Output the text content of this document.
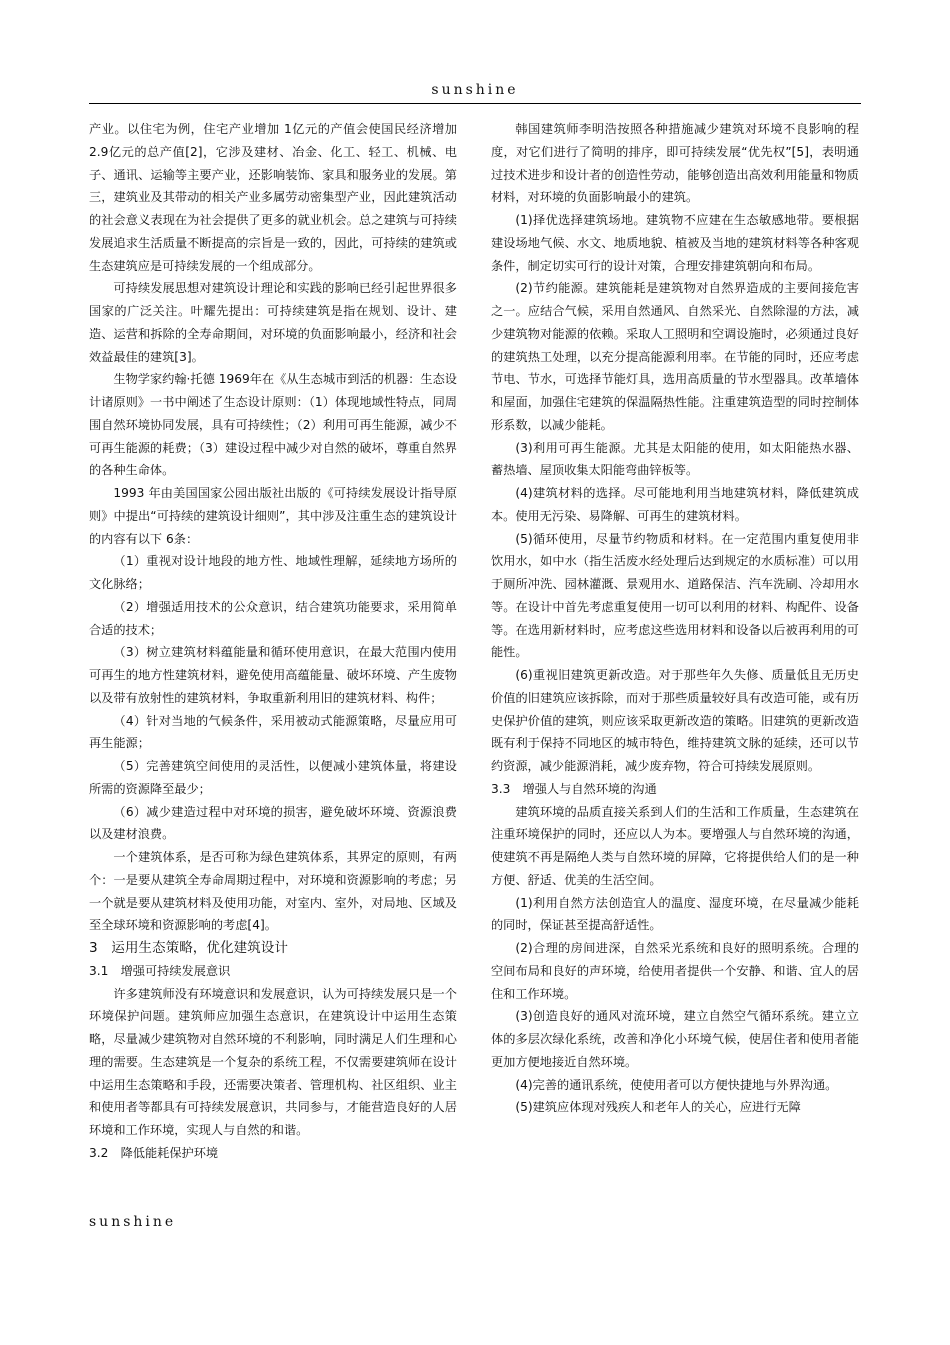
sunshine

产业。以住宅为例，住宅产业增加 1亿元的产值会使国民经济增加 2.9亿元的总产值[2]，它涉及建材、冶金、化工、轻工、机械、电子、通讯、运输等主要产业，还影响装饰、家具和服务业的发展。第三，建筑业及其带动的相关产业多属劳动密集型产业，因此建筑活动的社会意义表现在为社会提供了更多的就业机会。总之建筑与可持续发展追求生活质量不断提高的宗旨是一致的，因此，可持续的建筑或生态建筑应是可持续发展的一个组成部分。

可持续发展思想对建筑设计理论和实践的影响已经引起世界很多国家的广泛关注。叶耀先提出：可持续建筑是指在规划、设计、建造、运营和拆除的全寿命期间，对环境的负面影响最小，经济和社会效益最佳的建筑[3]。

生物学家约翰·托德 1969年在《从生态城市到活的机器：生态设计诸原则》一书中阐述了生态设计原则：（1）体现地域性特点，同周围自然环境协同发展，具有可持续性；（2）利用可再生能源，减少不可再生能源的耗费；（3）建设过程中减少对自然的破坏，尊重自然界的各种生命体。

1993 年由美国国家公园出版社出版的《可持续发展设计指导原则》中提出“可持续的建筑设计细则”，其中涉及注重生态的建筑设计的内容有以下 6条：

（1）重视对设计地段的地方性、地域性理解，延续地方场所的文化脉络；

（2）增强适用技术的公众意识，结合建筑功能要求，采用简单合适的技术；

（3）树立建筑材料蕴能量和循环使用意识，在最大范围内使用可再生的地方性建筑材料，避免使用高蕴能量、破坏环境、产生废物以及带有放射性的建筑材料，争取重新利用旧的建筑材料、构件；

（4）针对当地的气候条件，采用被动式能源策略，尽量应用可再生能源；

（5）完善建筑空间使用的灵活性，以便减小建筑体量，将建设所需的资源降至最少；

（6）减少建造过程中对环境的损害，避免破坏环境、资源浪费以及建材浪费。

一个建筑体系，是否可称为绿色建筑体系，其界定的原则，有两个：一是要从建筑全寿命周期过程中，对环境和资源影响的考虑；另一个就是要从建筑材料及使用功能，对室内、室外，对局地、区域及至全球环境和资源影响的考虑[4]。

3　运用生态策略，优化建筑设计
3.1　增强可持续发展意识

许多建筑师没有环境意识和发展意识，认为可持续发展只是一个环境保护问题。建筑师应加强生态意识，在建筑设计中运用生态策略，尽量减少建筑物对自然环境的不利影响，同时满足人们生理和心理的需要。生态建筑是一个复杂的系统工程，不仅需要建筑师在设计中运用生态策略和手段，还需要决策者、管理机构、社区组织、业主和使用者等都具有可持续发展意识，共同参与，才能营造良好的人居环境和工作环境，实现人与自然的和谐。

3.2　降低能耗保护环境

韩国建筑师李明浩按照各种措施减少建筑对环境不良影响的程度，对它们进行了简明的排序，即可持续发展“优先权”[5]，表明通过技术进步和设计者的创造性劳动，能够创造出高效利用能量和物质材料，对环境的负面影响最小的建筑。

(1)择优选择建筑场地。建筑物不应建在生态敏感地带。要根据建设场地气候、水文、地质地貌、植被及当地的建筑材料等各种客观条件，制定切实可行的设计对策，合理安排建筑朝向和布局。

(2)节约能源。建筑能耗是建筑物对自然界造成的主要间接危害之一。应结合气候，采用自然通风、自然采光、自然除湿的方法，减少建筑物对能源的依赖。采取人工照明和空调设施时，必须通过良好的建筑热工处理，以充分提高能源利用率。在节能的同时，还应考虑节电、节水，可选择节能灯具，选用高质量的节水型器具。改革墙体和屋面，加强住宅建筑的保温隔热性能。注重建筑造型的同时控制体形系数，以减少能耗。

(3)利用可再生能源。尤其是太阳能的使用，如太阳能热水器、蓄热墙、屋顶收集太阳能弯曲锌板等。

(4)建筑材料的选择。尽可能地利用当地建筑材料，降低建筑成本。使用无污染、易降解、可再生的建筑材料。

(5)循环使用，尽量节约物质和材料。在一定范围内重复使用非饮用水，如中水（指生活废水经处理后达到规定的水质标准）可以用于厕所冲洗、园林灌溉、景观用水、道路保洁、汽车洗刷、冷却用水等。在设计中首先考虑重复使用一切可以利用的材料、构配件、设备等。在选用新材料时，应考虑这些选用材料和设备以后被再利用的可能性。

(6)重视旧建筑更新改造。对于那些年久失修、质量低且无历史价值的旧建筑应该拆除，而对于那些质量较好具有改造可能，或有历史保护价值的建筑，则应该采取更新改造的策略。旧建筑的更新改造既有利于保持不同地区的城市特色，维持建筑文脉的延续，还可以节约资源，减少能源消耗，减少废弃物，符合可持续发展原则。

3.3　增强人与自然环境的沟通

建筑环境的品质直接关系到人们的生活和工作质量，生态建筑在注重环境保护的同时，还应以人为本。要增强人与自然环境的沟通，使建筑不再是隔绝人类与自然环境的屏障，它将提供给人们的是一种方便、舒适、优美的生活空间。

(1)利用自然方法创造宜人的温度、湿度环境，在尽量减少能耗的同时，保证甚至提高舒适性。

(2)合理的房间进深，自然采光系统和良好的照明系统。合理的空间布局和良好的声环境，给使用者提供一个安静、和谐、宜人的居住和工作环境。

(3)创造良好的通风对流环境，建立自然空气循环系统。建立立体的多层次绿化系统，改善和净化小环境气候，使居住者和使用者能更加方便地接近自然环境。

(4)完善的通讯系统，使使用者可以方便快捷地与外界沟通。

(5)建筑应体现对残疾人和老年人的关心，应进行无障

sunshine
